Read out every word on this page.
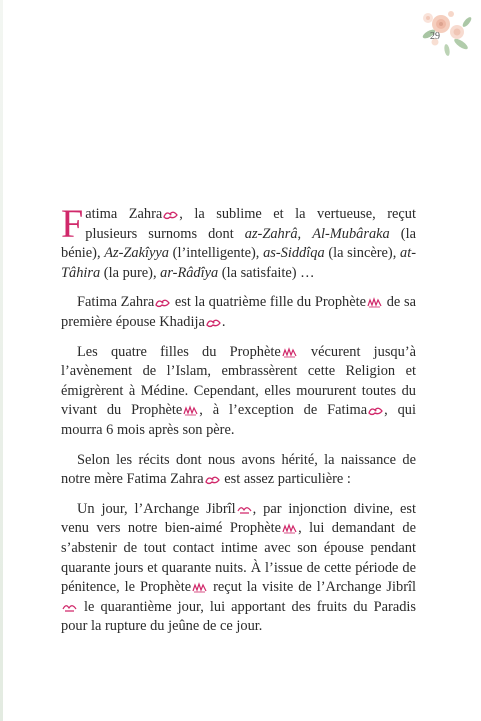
29

Fatima Zahra , la sublime et la vertueuse, reçut plusieurs surnoms dont az-Zahrâ, Al-Mubâraka (la bénie), Az-Zakîyya (l’intelligente), as-Siddîqa (la sincère), at-Tâhira (la pure), ar-Râdîya (la satisfaite) …

Fatima Zahra est la quatrième fille du Prophète de sa première épouse Khadija .

Les quatre filles du Prophète vécurent jusqu’à l’avènement de l’Islam, embrassèrent cette Religion et émigrèrent à Médine. Cependant, elles moururent toutes du vivant du Prophète , à l’exception de Fatima , qui mourra 6 mois après son père.

Selon les récits dont nous avons hérité, la naissance de notre mère Fatima Zahra est assez particulière :

Un jour, l’Archange Jibrîl , par injonction divine, est venu vers notre bien-aimé Prophète , lui demandant de s’abstenir de tout contact intime avec son épouse pendant quarante jours et quarante nuits. À l’issue de cette période de pénitence, le Prophète reçut la visite de l’Archange Jibrîl le quarantième jour, lui apportant des fruits du Paradis pour la rupture du jeûne de ce jour.
